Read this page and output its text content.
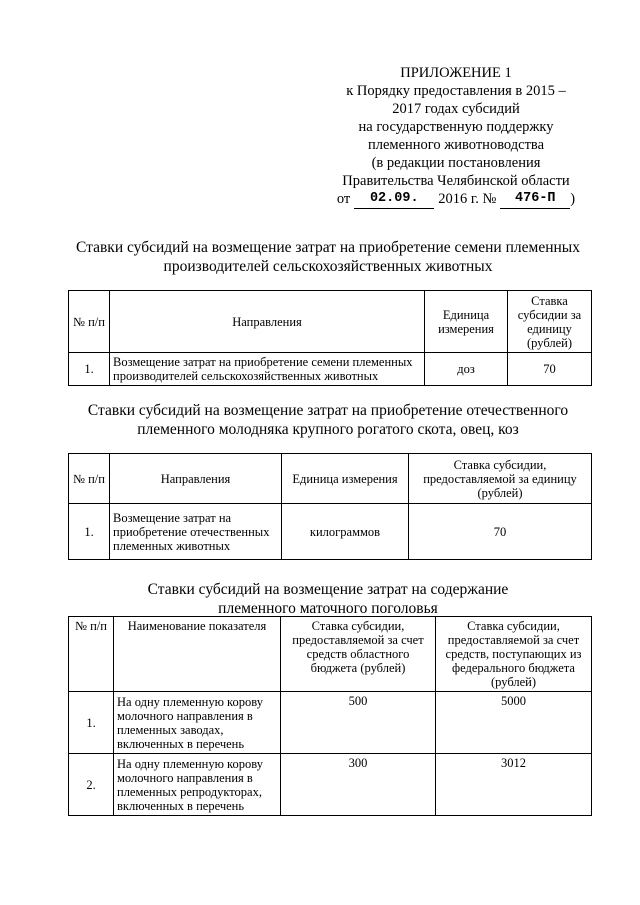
ПРИЛОЖЕНИЕ 1
к Порядку предоставления в 2015 –
2017 годах субсидий
на государственную поддержку
племенного животноводства
(в редакции постановления
Правительства Челябинской области
от	02.09.	2016 г. №	476-П	)
Ставки субсидий на возмещение затрат на приобретение семени племенных
производителей сельскохозяйственных животных
№ п/п	Направления	Единица измерения	Ставка субсидии за единицу (рублей)
1.	Возмещение затрат на приобретение семени племенных производителей сельскохозяйственных животных	доз	70
Ставки субсидий на возмещение затрат на приобретение отечественного
племенного молодняка крупного рогатого скота, овец, коз
№ п/п	Направления	Единица измерения	Ставка субсидии, предоставляемой за единицу (рублей)
1.	Возмещение затрат на приобретение отечественных племенных животных	килограммов	70
Ставки субсидий на возмещение затрат на содержание
племенного маточного поголовья
№ п/п	Наименование показателя	Ставка субсидии, предоставляемой за счет средств областного бюджета (рублей)	Ставка субсидии, предоставляемой за счет средств, поступающих из федерального бюджета (рублей)
1.	На одну племенную корову молочного направления в племенных заводах, включенных в перечень	500	5000
2.	На одну племенную корову молочного направления в племенных репродукторах, включенных в перечень	300	3012
